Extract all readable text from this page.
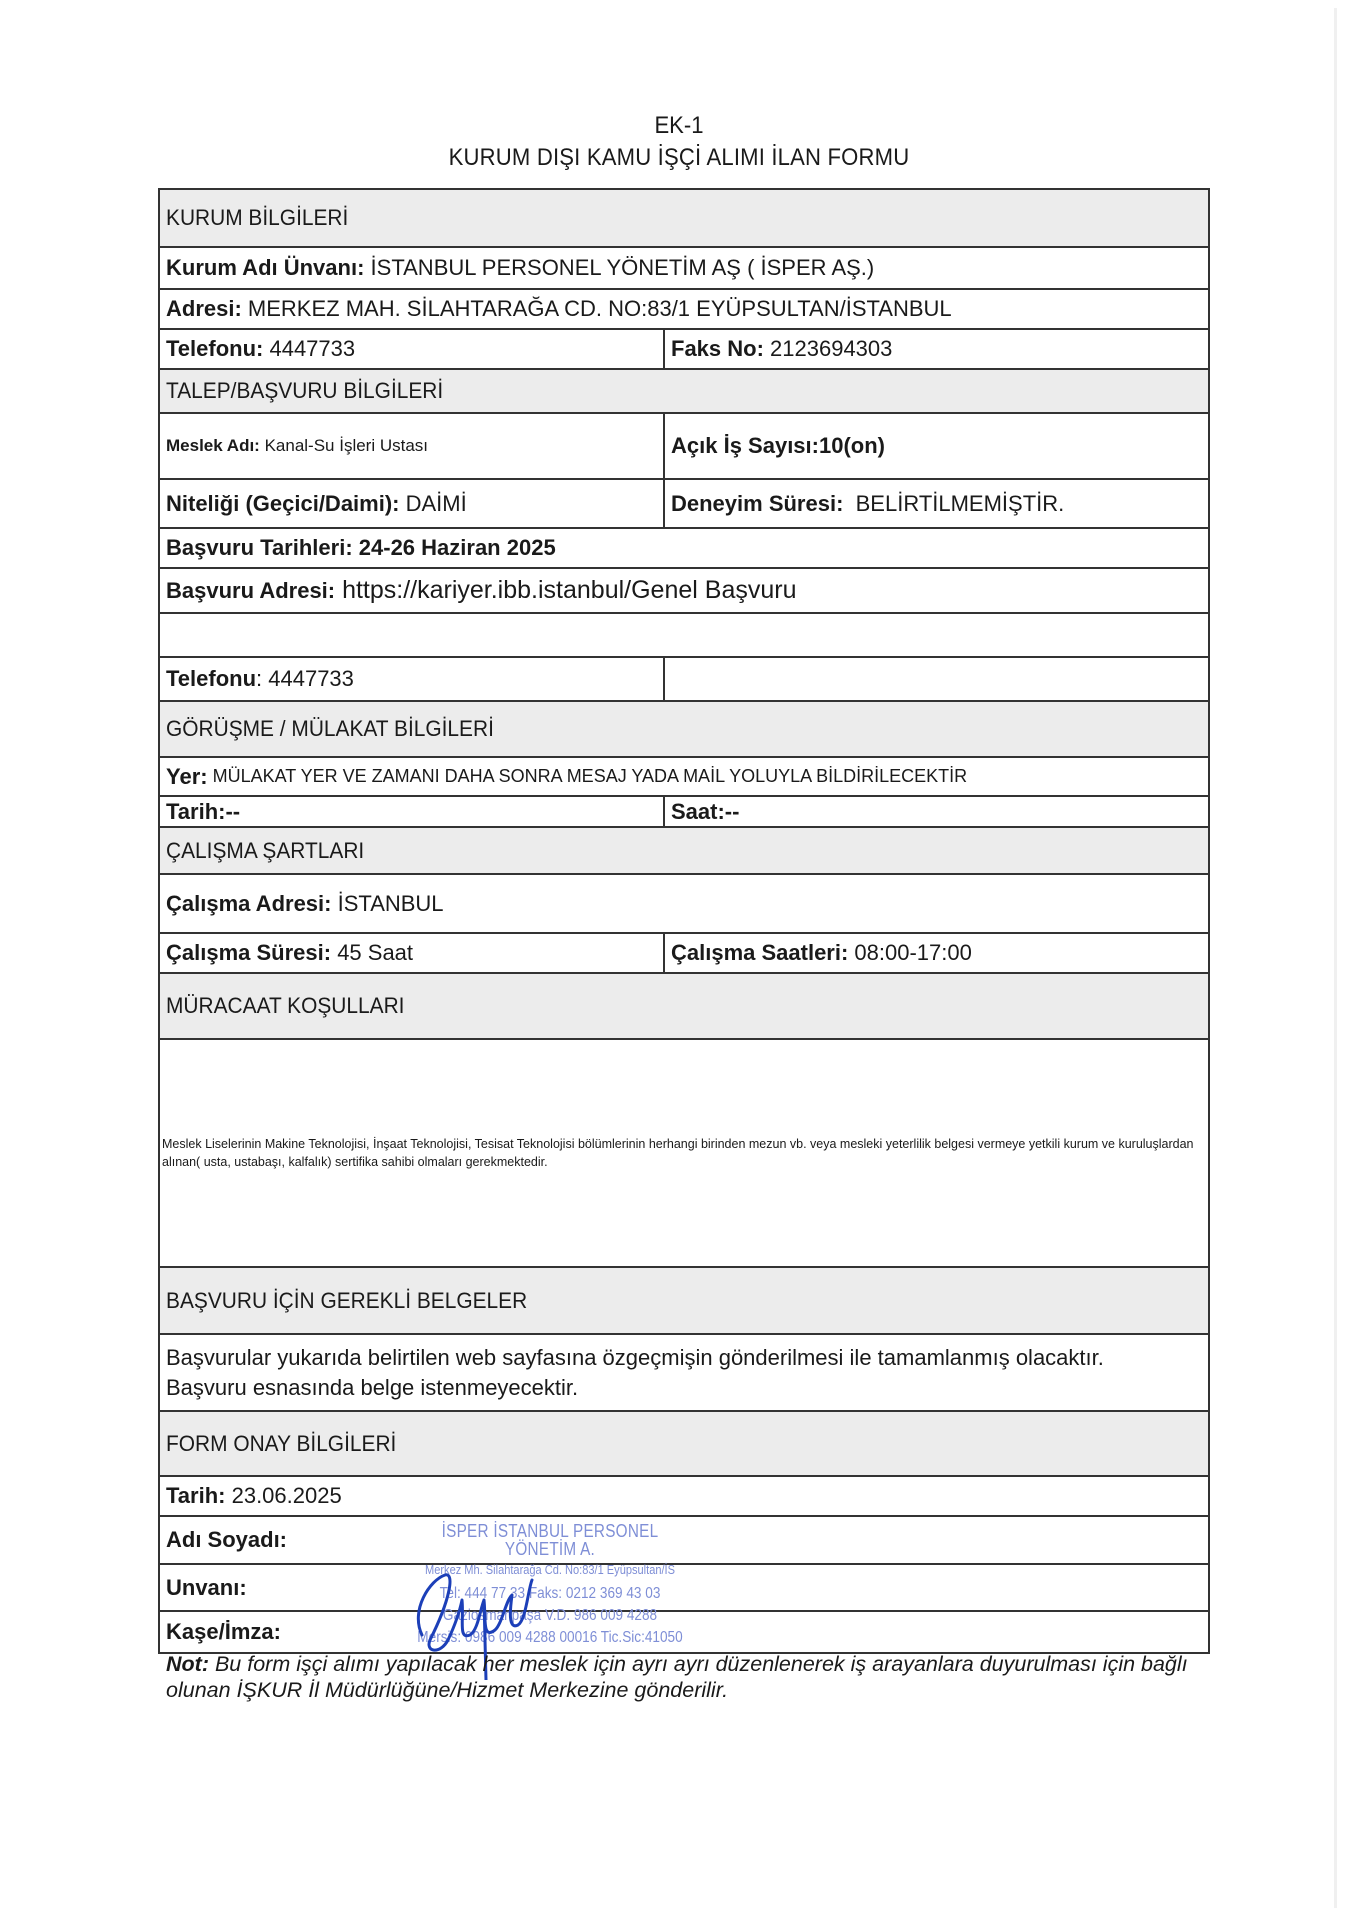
EK-1
KURUM DIŞI KAMU İŞÇİ ALIMI İLAN FORMU
KURUM BİLGİLERİ
Kurum Adı Ünvanı: İSTANBUL PERSONEL YÖNETİM AŞ ( İSPER AŞ.)
Adresi: MERKEZ MAH. SİLAHTARAĞA CD. NO:83/1 EYÜPSULTAN/İSTANBUL
Telefonu: 4447733	Faks No: 2123694303
TALEP/BAŞVURU BİLGİLERİ
Meslek Adı: Kanal-Su İşleri Ustası	Açık İş Sayısı: 10(on)
Niteliği (Geçici/Daimi): DAİMİ	Deneyim Süresi: BELİRTİLMEMİŞTİR.
Başvuru Tarihleri: 24-26 Haziran 2025
Başvuru Adresi: https://kariyer.ibb.istanbul/Genel Başvuru
Telefonu : 4447733
GÖRÜŞME / MÜLAKAT BİLGİLERİ
Yer: MÜLAKAT YER VE ZAMANI DAHA SONRA MESAJ YADA MAİL YOLUYLA BİLDİRİLECEKTİR
Tarih:--	Saat:--
ÇALIŞMA ŞARTLARI
Çalışma Adresi: İSTANBUL
Çalışma Süresi: 45 Saat	Çalışma Saatleri: 08:00-17:00
MÜRACAAT KOŞULLARI
Meslek Liselerinin Makine Teknolojisi, İnşaat Teknolojisi, Tesisat Teknolojisi bölümlerinin herhangi birinden mezun vb. veya mesleki yeterlilik belgesi vermeye yetkili kurum ve kuruluşlardan alınan( usta, ustabaşı, kalfalık) sertifika sahibi olmaları gerekmektedir.
BAŞVURU İÇİN GEREKLİ BELGELER
Başvurular yukarıda belirtilen web sayfasına özgeçmişin gönderilmesi ile tamamlanmış olacaktır.
Başvuru esnasında belge istenmeyecektir.
FORM ONAY BİLGİLERİ
Tarih: 23.06.2025
Adı Soyadı:
Unvanı:
Kaşe/İmza:
İSPER İSTANBUL PERSONEL YÖNETİM A.
Merkez Mh. Silahtarağa Cd. No:83/1 Eyüpsultan/İS
Tel: 444 77 33 Faks: 0212 369 43 03
Gaziosmanpaşa V.D. 986 009 4288
Mersis: 0986 009 4288 00016 Tic.Sic:41050
Not: Bu form işçi alımı yapılacak her meslek için ayrı ayrı düzenlenerek iş arayanlara duyurulması için bağlı olunan İŞKUR İl Müdürlüğüne/Hizmet Merkezine gönderilir.
